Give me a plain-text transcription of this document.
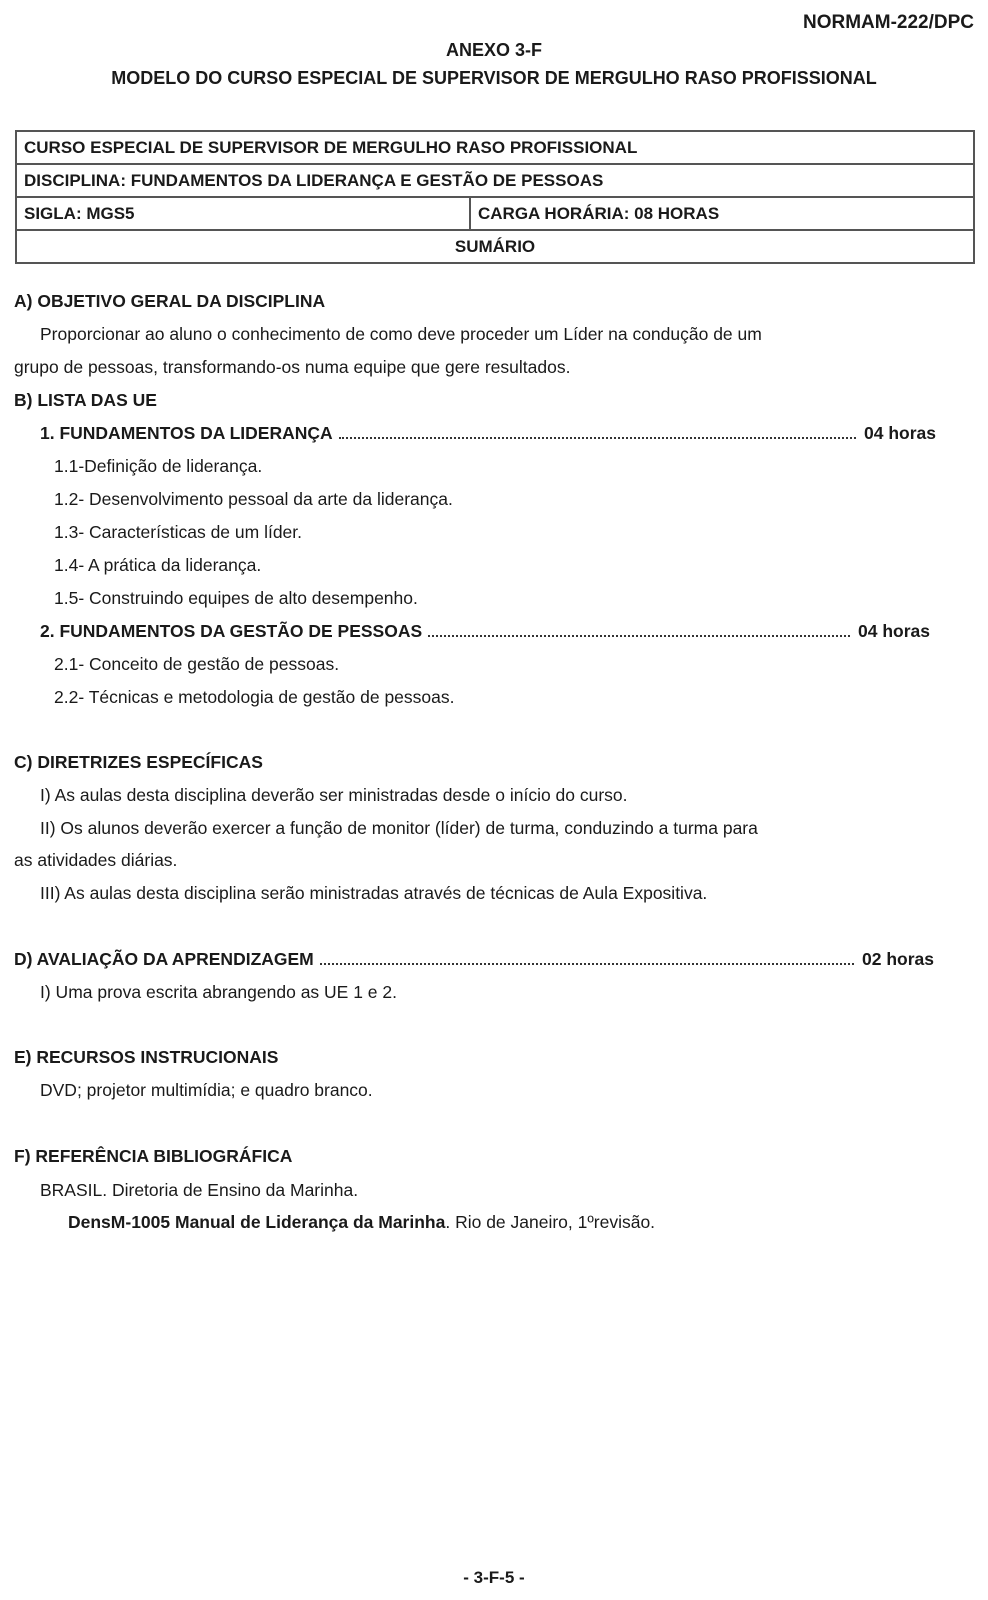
NORMAM-222/DPC
ANEXO 3-F
MODELO DO CURSO ESPECIAL DE SUPERVISOR DE MERGULHO RASO PROFISSIONAL
CURSO ESPECIAL DE SUPERVISOR DE MERGULHO RASO PROFISSIONAL
DISCIPLINA: FUNDAMENTOS DA LIDERANÇA E GESTÃO DE PESSOAS
SIGLA: MGS5	CARGA HORÁRIA: 08 HORAS
SUMÁRIO
A) OBJETIVO GERAL DA DISCIPLINA
Proporcionar ao aluno o conhecimento de como deve proceder um Líder na condução de um
grupo de pessoas, transformando-os numa equipe que gere resultados.
B) LISTA DAS UE
1. FUNDAMENTOS DA LIDERANÇA	04 horas
1.1-Definição de liderança.
1.2- Desenvolvimento pessoal da arte da liderança.
1.3- Características de um líder.
1.4- A prática da liderança.
1.5- Construindo equipes de alto desempenho.
2. FUNDAMENTOS DA GESTÃO DE PESSOAS	04 horas
2.1- Conceito de gestão de pessoas.
2.2- Técnicas e metodologia de gestão de pessoas.
C) DIRETRIZES ESPECÍFICAS
I) As aulas desta disciplina deverão ser ministradas desde o início do curso.
II) Os alunos deverão exercer a função de monitor (líder) de turma, conduzindo a turma para
as atividades diárias.
III) As aulas desta disciplina serão ministradas através de técnicas de Aula Expositiva.
D) AVALIAÇÃO DA APRENDIZAGEM	02 horas
I) Uma prova escrita abrangendo as UE 1 e 2.
E) RECURSOS INSTRUCIONAIS
DVD; projetor multimídia; e quadro branco.
F) REFERÊNCIA BIBLIOGRÁFICA
BRASIL. Diretoria de Ensino da Marinha.
DensM-1005 Manual de Liderança da Marinha. Rio de Janeiro, 1ºrevisão.
- 3-F-5 -
